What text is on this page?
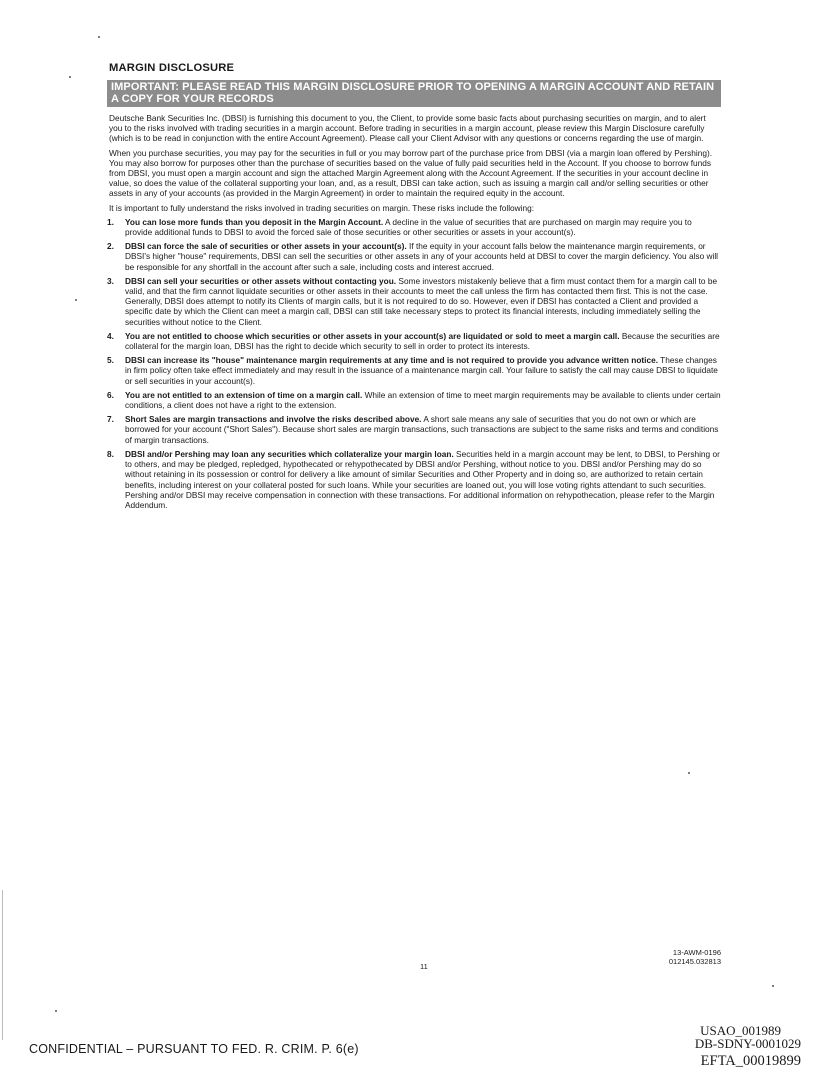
MARGIN DISCLOSURE
IMPORTANT: PLEASE READ THIS MARGIN DISCLOSURE PRIOR TO OPENING A MARGIN ACCOUNT AND RETAIN A COPY FOR YOUR RECORDS

Deutsche Bank Securities Inc. (DBSI) is furnishing this document to you, the Client, to provide some basic facts about purchasing securities on margin, and to alert you to the risks involved with trading securities in a margin account. Before trading in securities in a margin account, please review this Margin Disclosure carefully (which is to be read in conjunction with the entire Account Agreement). Please call your Client Advisor with any questions or concerns regarding the use of margin.

When you purchase securities, you may pay for the securities in full or you may borrow part of the purchase price from DBSI (via a margin loan offered by Pershing). You may also borrow for purposes other than the purchase of securities based on the value of fully paid securities held in the Account. If you choose to borrow funds from DBSI, you must open a margin account and sign the attached Margin Agreement along with the Account Agreement. If the securities in your account decline in value, so does the value of the collateral supporting your loan, and, as a result, DBSI can take action, such as issuing a margin call and/or selling securities or other assets in any of your accounts (as provided in the Margin Agreement) in order to maintain the required equity in the account.

It is important to fully understand the risks involved in trading securities on margin. These risks include the following:

1.	You can lose more funds than you deposit in the Margin Account. A decline in the value of securities that are purchased on margin may require you to provide additional funds to DBSI to avoid the forced sale of those securities or other securities or assets in your account(s).
2.	DBSI can force the sale of securities or other assets in your account(s). If the equity in your account falls below the maintenance margin requirements, or DBSI's higher "house" requirements, DBSI can sell the securities or other assets in any of your accounts held at DBSI to cover the margin deficiency. You also will be responsible for any shortfall in the account after such a sale, including costs and interest accrued.
3.	DBSI can sell your securities or other assets without contacting you. Some investors mistakenly believe that a firm must contact them for a margin call to be valid, and that the firm cannot liquidate securities or other assets in their accounts to meet the call unless the firm has contacted them first. This is not the case. Generally, DBSI does attempt to notify its Clients of margin calls, but it is not required to do so. However, even if DBSI has contacted a Client and provided a specific date by which the Client can meet a margin call, DBSI can still take necessary steps to protect its financial interests, including immediately selling the securities without notice to the Client.
4.	You are not entitled to choose which securities or other assets in your account(s) are liquidated or sold to meet a margin call. Because the securities are collateral for the margin loan, DBSI has the right to decide which security to sell in order to protect its interests.
5.	DBSI can increase its "house" maintenance margin requirements at any time and is not required to provide you advance written notice. These changes in firm policy often take effect immediately and may result in the issuance of a maintenance margin call. Your failure to satisfy the call may cause DBSI to liquidate or sell securities in your account(s).
6.	You are not entitled to an extension of time on a margin call. While an extension of time to meet margin requirements may be available to clients under certain conditions, a client does not have a right to the extension.
7.	Short Sales are margin transactions and involve the risks described above. A short sale means any sale of securities that you do not own or which are borrowed for your account ("Short Sales"). Because short sales are margin transactions, such transactions are subject to the same risks and terms and conditions of margin transactions.
8.	DBSI and/or Pershing may loan any securities which collateralize your margin loan. Securities held in a margin account may be lent, to DBSI, to Pershing or to others, and may be pledged, repledged, hypothecated or rehypothecated by DBSI and/or Pershing, without notice to you. DBSI and/or Pershing may do so without retaining in its possession or control for delivery a like amount of similar Securities and Other Property and in doing so, are authorized to retain certain benefits, including interest on your collateral posted for such loans. While your securities are loaned out, you will lose voting rights attendant to such securities. Pershing and/or DBSI may receive compensation in connection with these transactions. For additional information on rehypothecation, please refer to the Margin Addendum.
11
13-AWM-0196
012145.032813
CONFIDENTIAL – PURSUANT TO FED. R. CRIM. P. 6(e)
USAO_001989
DB-SDNY-0001029
EFTA_00019899
